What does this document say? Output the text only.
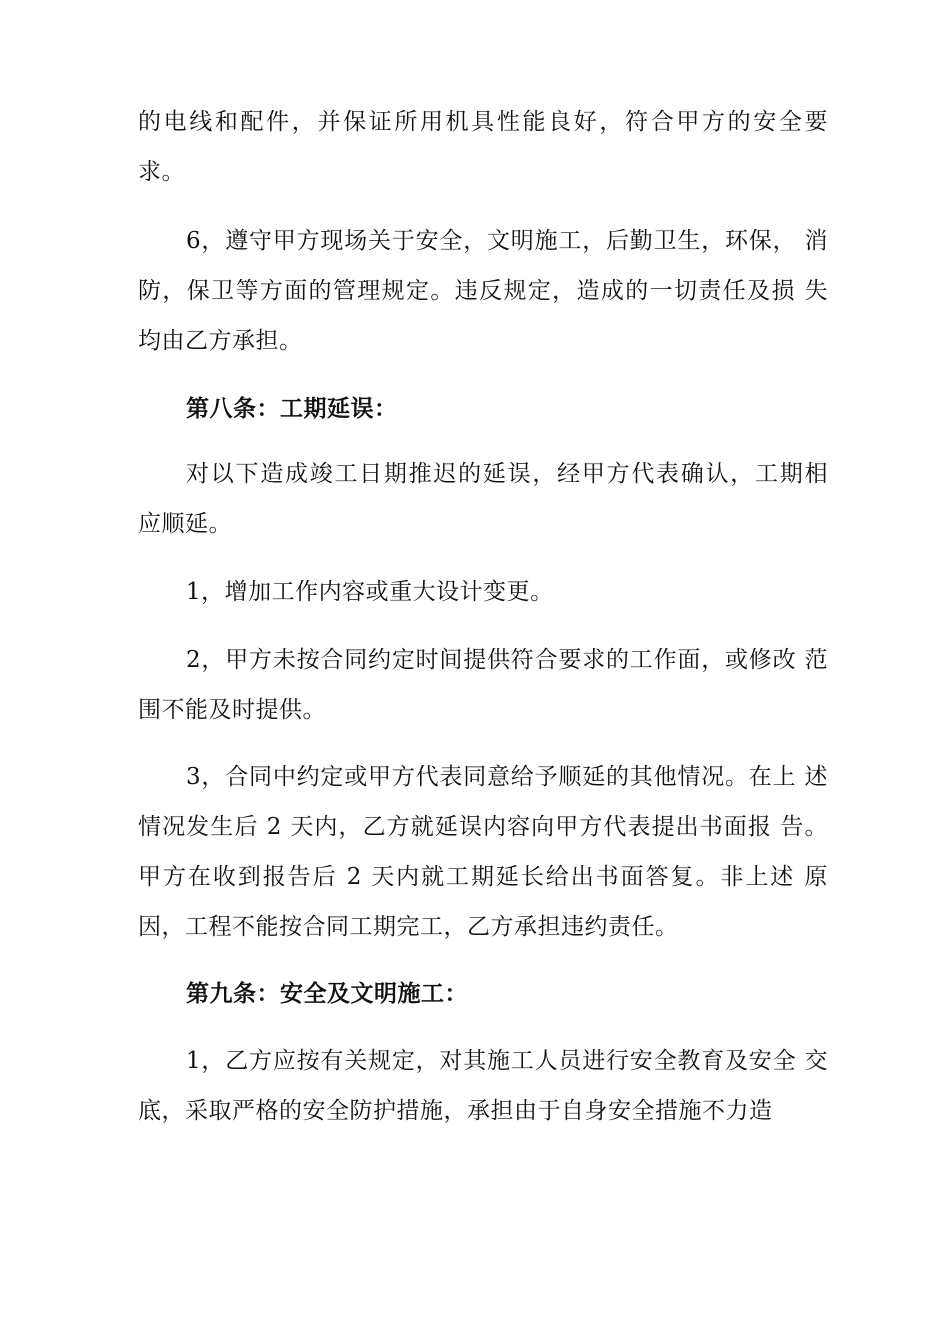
的电线和配件，并保证所用机具性能良好，符合甲方的安全要
求。
6，遵守甲方现场关于安全，文明施工，后勤卫生，环保， 消
防，保卫等方面的管理规定。违反规定，造成的一切责任及损 失
均由乙方承担。
第八条：工期延误：
对以下造成竣工日期推迟的延误，经甲方代表确认，工期相
应顺延。
1，增加工作内容或重大设计变更。
2，甲方未按合同约定时间提供符合要求的工作面，或修改 范
围不能及时提供。
3，合同中约定或甲方代表同意给予顺延的其他情况。在上 述
情况发生后 2 天内，乙方就延误内容向甲方代表提出书面报 告。
甲方在收到报告后 2 天内就工期延长给出书面答复。非上述 原
因，工程不能按合同工期完工，乙方承担违约责任。
第九条：安全及文明施工：
1，乙方应按有关规定，对其施工人员进行安全教育及安全 交
底，采取严格的安全防护措施，承担由于自身安全措施不力造
